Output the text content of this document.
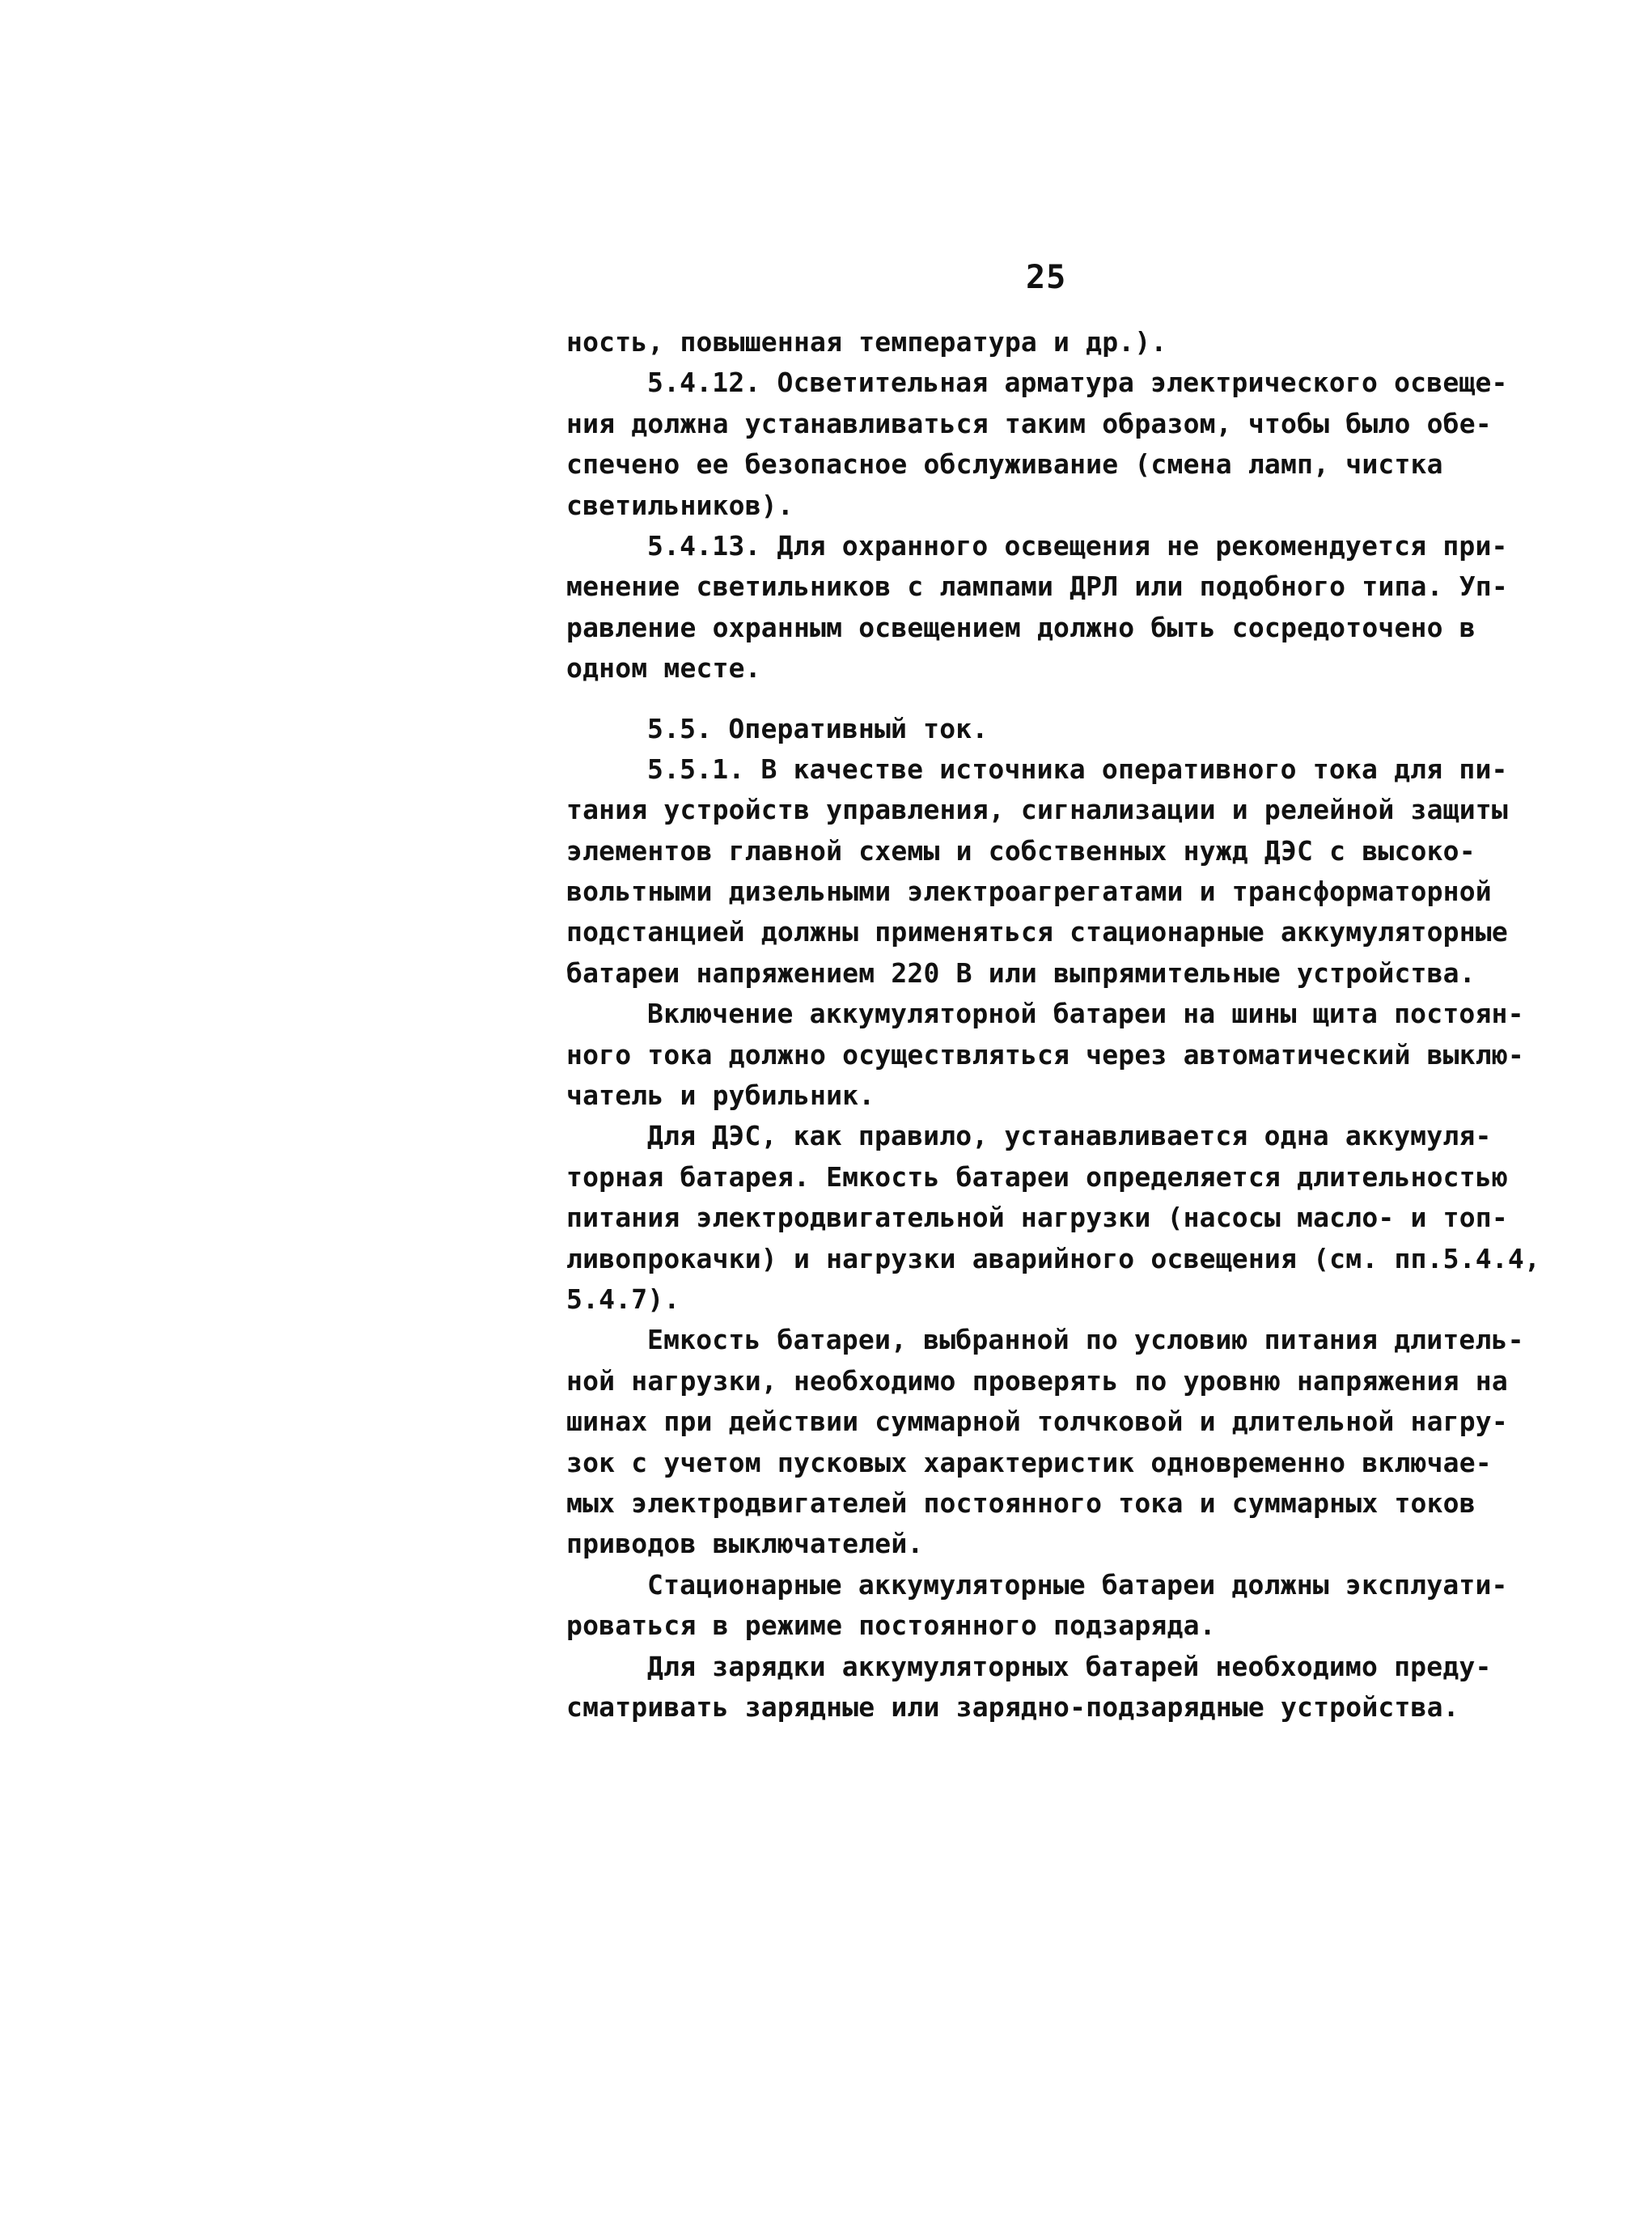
25
ность, повышенная температура и др.).
5.4.12. Осветительная арматура электрического освеще-
ния должна устанавливаться таким образом, чтобы было обе-
спечено ее безопасное обслуживание (смена ламп, чистка
светильников).
5.4.13. Для охранного освещения не рекомендуется при-
менение светильников с лампами ДРЛ или подобного типа. Уп-
равление охранным освещением должно быть сосредоточено в
одном месте.
5.5. Оперативный ток.
5.5.1. В качестве источника оперативного тока для пи-
тания устройств управления, сигнализации и релейной защиты
элементов главной схемы и собственных нужд ДЭС с высоко-
вольтными дизельными электроагрегатами и трансформаторной
подстанцией должны применяться стационарные аккумуляторные
батареи напряжением 220 В или выпрямительные устройства.
Включение аккумуляторной батареи на шины щита постоян-
ного тока должно осуществляться через автоматический выклю-
чатель и рубильник.
Для ДЭС, как правило, устанавливается одна аккумуля-
торная батарея. Емкость батареи определяется длительностью
питания электродвигательной нагрузки (насосы масло- и топ-
ливопрокачки) и нагрузки аварийного освещения (см. пп.5.4.4,
5.4.7).
Емкость батареи, выбранной по условию питания длитель-
ной нагрузки, необходимо проверять по уровню напряжения на
шинах при действии суммарной толчковой и длительной нагру-
зок с учетом пусковых характеристик одновременно включае-
мых электродвигателей постоянного тока и суммарных токов
приводов выключателей.
Стационарные аккумуляторные батареи должны эксплуати-
роваться в режиме постоянного подзаряда.
Для зарядки аккумуляторных батарей необходимо преду-
сматривать зарядные или зарядно-подзарядные устройства.
